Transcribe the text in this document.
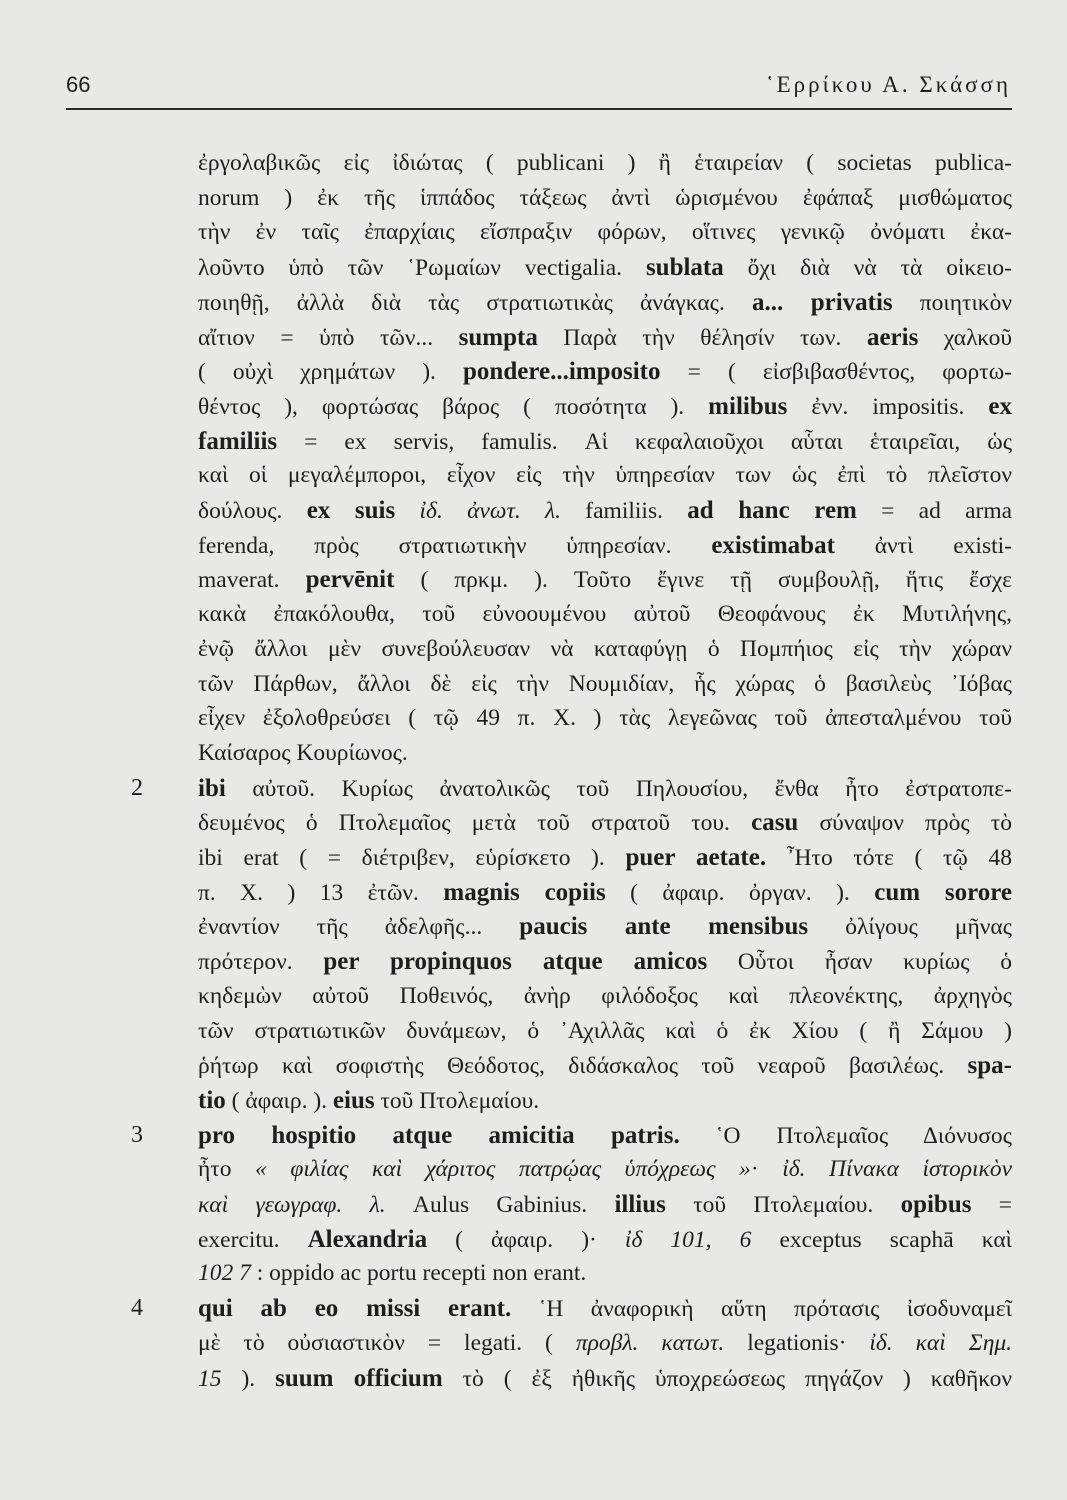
66	῾Ερρίκου Α. Σκάσση
ἐργολαβικῶς εἰς ἰδιώτας ( publicani ) ἢ ἑταιρείαν ( societas publica-
norum ) ἐκ τῆς ἱππάδος τάξεως ἀντὶ ὡρισμένου ἐφάπαξ μισθώματος
τὴν ἐν ταῖς ἐπαρχίαις εἴσπραξιν φόρων, οἵτινες γενικῷ ὀνόματι ἐκα-
λοῦντο ὑπὸ τῶν ῾Ρωμαίων vectigalia. sublata ὄχι διὰ νὰ τὰ οἰκειο-
ποιηθῇ, ἀλλὰ διὰ τὰς στρατιωτικὰς ἀνάγκας. a... privatis ποιητικὸν
αἴτιον = ὑπὸ τῶν... sumpta Παρὰ τὴν θέλησίν των. aeris χαλκοῦ
( οὐχὶ χρημάτων ). pondere...imposito = ( εἰσβιβασθέντος, φορτω-
θέντος ), φορτώσας βάρος ( ποσότητα ). milibus ἐνν. impositis. ex
familiis = ex servis, famulis. Αἱ κεφαλαιοῦχοι αὗται ἑταιρεῖαι, ὡς
καὶ οἱ μεγαλέμποροι, εἶχον εἰς τὴν ὑπηρεσίαν των ὡς ἐπὶ τὸ πλεῖστον
δούλους. ex suis ἰδ. ἀνωτ. λ. familiis. ad hanc rem = ad arma
ferenda, πρὸς στρατιωτικὴν ὑπηρεσίαν. existimabat ἀντὶ existi-
maverat. pervēnit ( πρκμ. ). Τοῦτο ἔγινε τῇ συμβουλῇ, ἥτις ἔσχε
κακὰ ἐπακόλουθα, τοῦ εὐνοουμένου αὐτοῦ Θεοφάνους ἐκ Μυτιλήνης,
ἐνῷ ἄλλοι μὲν συνεβούλευσαν νὰ καταφύγῃ ὁ Πομπήιος εἰς τὴν χώραν
τῶν Πάρθων, ἄλλοι δὲ εἰς τὴν Νουμιδίαν, ἧς χώρας ὁ βασιλεὺς ᾿Ιόβας
εἶχεν ἐξολοθρεύσει ( τῷ 49 π. Χ. ) τὰς λεγεῶνας τοῦ ἀπεσταλμένου τοῦ
Καίσαρος Κουρίωνος.
2	ibi αὐτοῦ. Κυρίως ἀνατολικῶς τοῦ Πηλουσίου, ἔνθα ἦτο ἐστρατοπε-
δευμένος ὁ Πτολεμαῖος μετὰ τοῦ στρατοῦ του. casu σύναψον πρὸς τὸ
ibi erat ( = διέτριβεν, εὑρίσκετο ). puer aetate. ῏Ητο τότε ( τῷ 48
π. Χ. ) 13 ἐτῶν. magnis copiis ( ἀφαιρ. ὀργαν. ). cum sorore
ἐναντίον τῆς ἀδελφῆς... paucis ante mensibus ὀλίγους μῆνας
πρότερον. per propinquos atque amicos Οὗτοι ἦσαν κυρίως ὁ
κηδεμὼν αὐτοῦ Ποθεινός, ἀνὴρ φιλόδοξος καὶ πλεονέκτης, ἀρχηγὸς
τῶν στρατιωτικῶν δυνάμεων, ὁ ᾿Αχιλλᾶς καὶ ὁ ἐκ Χίου ( ἢ Σάμου )
ῥήτωρ καὶ σοφιστὴς Θεόδοτος, διδάσκαλος τοῦ νεαροῦ βασιλέως. spa-
tio ( ἀφαιρ. ). eius τοῦ Πτολεμαίου.
3	pro hospitio atque amicitia patris. ῾Ο Πτολεμαῖος Διόνυσος
ἦτο « φιλίας καὶ χάριτος πατρῴας ὑπόχρεως »· ἰδ. Πίνακα ἱστορικὸν
καὶ γεωγραφ. λ. Aulus Gabinius. illius τοῦ Πτολεμαίου. opibus =
exercitu. Alexandria ( ἀφαιρ. )· ἰδ 101, 6 exceptus scaphā καὶ
102 7 : oppido ac portu recepti non erant.
4	qui ab eo missi erant. ῾Η ἀναφορικὴ αὕτη πρότασις ἰσοδυναμεῖ
μὲ τὸ οὐσιαστικὸν = legati. ( προβλ. κατωτ. legationis· ἰδ. καὶ Σημ.
15 ). suum officium τὸ ( ἐξ ἠθικῆς ὑποχρεώσεως πηγάζον ) καθῆκον
